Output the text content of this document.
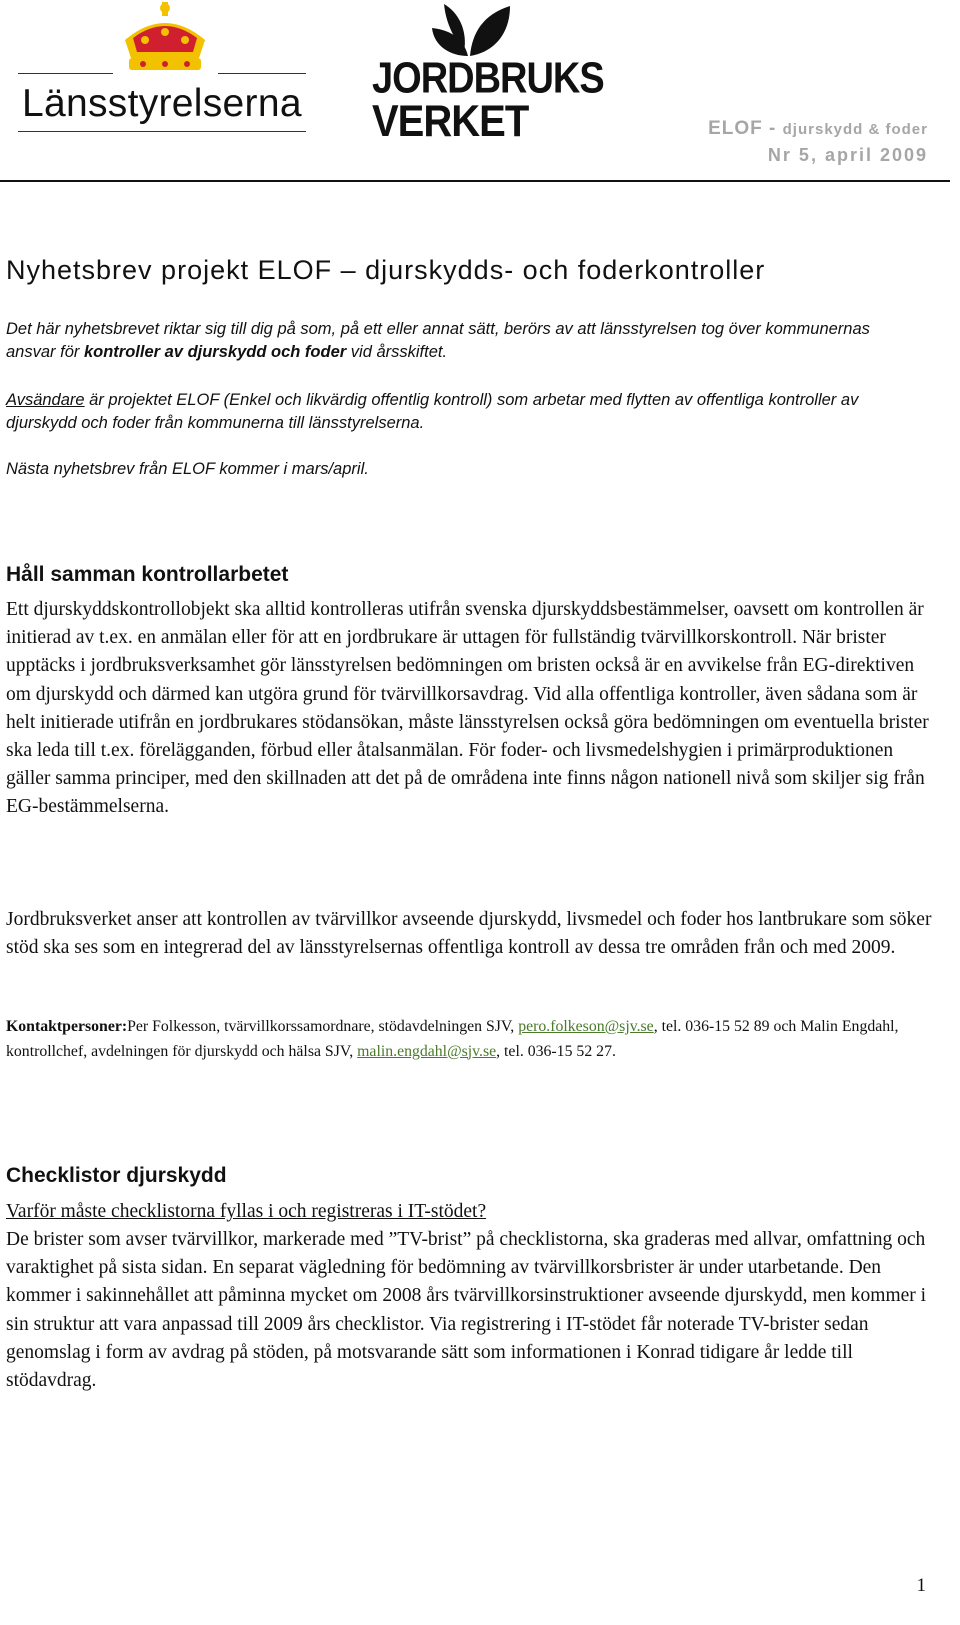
Länsstyrelserna
JORDBRUKS
VERKET	ELOF - djurskydd & foder
Nr 5, april 2009
Nyhetsbrev projekt ELOF – djurskydds- och foderkontroller
Det här nyhetsbrevet riktar sig till dig på som, på ett eller annat sätt, berörs av att länsstyrelsen tog över kommunernas ansvar för kontroller av djurskydd och foder vid årsskiftet.
Avsändare är projektet ELOF (Enkel och likvärdig offentlig kontroll) som arbetar med flytten av offentliga kontroller av djurskydd och foder från kommunerna till länsstyrelserna.
Nästa nyhetsbrev från ELOF kommer i mars/april.
Håll samman kontrollarbetet
Ett djurskyddskontrollobjekt ska alltid kontrolleras utifrån svenska djurskyddsbestämmelser, oavsett om kontrollen är initierad av t.ex. en anmälan eller för att en jordbrukare är uttagen för fullständig tvärvillkorskontroll. När brister upptäcks i jordbruksverksamhet gör länsstyrelsen bedömningen om bristen också är en avvikelse från EG-direktiven om djurskydd och därmed kan utgöra grund för tvärvillkorsavdrag. Vid alla offentliga kontroller, även sådana som är helt initierade utifrån en jordbrukares stödansökan, måste länsstyrelsen också göra bedömningen om eventuella brister ska leda till t.ex. förelägganden, förbud eller åtalsanmälan. För foder- och livsmedelshygien i primärproduktionen gäller samma principer, med den skillnaden att det på de områdena inte finns någon nationell nivå som skiljer sig från EG-bestämmelserna.
Jordbruksverket anser att kontrollen av tvärvillkor avseende djurskydd, livsmedel och foder hos lantbrukare som söker stöd ska ses som en integrerad del av länsstyrelsernas offentliga kontroll av dessa tre områden från och med 2009.
Kontaktpersoner:Per Folkesson, tvärvillkorssamordnare, stödavdelningen SJV, pero.folkeson@sjv.se, tel. 036-15 52 89 och Malin Engdahl, kontrollchef, avdelningen för djurskydd och hälsa SJV, malin.engdahl@sjv.se, tel. 036-15 52 27.
Checklistor djurskydd
Varför måste checklistorna fyllas i och registreras i IT-stödet?
De brister som avser tvärvillkor, markerade med ”TV-brist” på checklistorna, ska graderas med allvar, omfattning och varaktighet på sista sidan. En separat vägledning för bedömning av tvärvillkorsbrister är under utarbetande. Den kommer i sakinnehållet att påminna mycket om 2008 års tvärvillkorsinstruktioner avseende djurskydd, men kommer i sin struktur att vara anpassad till 2009 års checklistor. Via registrering i IT-stödet får noterade TV-brister sedan genomslag i form av avdrag på stöden, på motsvarande sätt som informationen i Konrad tidigare år ledde till stödavdrag.
1
